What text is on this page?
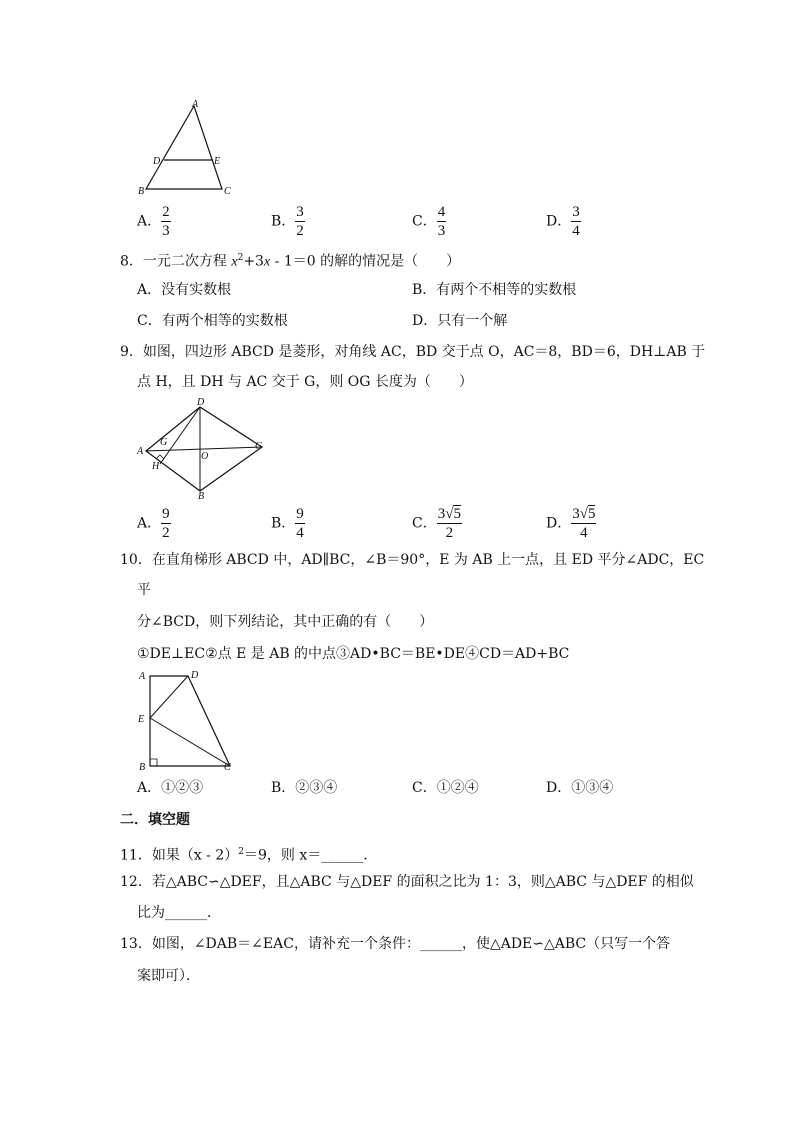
A
D	E
B	C
A． $\frac{2}{3}$	B． $\frac{3}{2}$	C． $\frac{4}{3}$	D． $\frac{3}{4}$
8．一元二次方程 $x^2+3x - 1=0$ 的解的情况是（　　）
A．没有实数根	B．有两个不相等的实数根
C．有两个相等的实数根	D．只有一个解
9．如图，四边形 ABCD 是菱形，对角线 AC，BD 交于点 O，AC＝8，BD＝6，DH⊥AB 于
点 H，且 DH 与 AC 交于 G，则 OG 长度为（　　）
D
A
G
O
C
H
B
A． $\frac{9}{2}$	B． $\frac{9}{4}$	C． $\frac{3√5}{2}$	D． $\frac{3√5}{4}$
10．在直角梯形 ABCD 中，AD∥BC，∠B＝90°，E 为 AB 上一点，且 ED 平分∠ADC，EC
平
分∠BCD，则下列结论，其中正确的有（　　）
①DE⊥EC②点 E 是 AB 的中点③AD•BC＝BE•DE④CD＝AD+BC
A	D
E
B	C
A．①②③	B．②③④	C．①②④	D．①③④
二．填空题
11．如果（x - 2）$^2$＝9，则 x＝______．
12．若△ABC∽△DEF，且△ABC 与△DEF 的面积之比为 1：3，则△ABC 与△DEF 的相似
比为______．
13．如图，∠DAB＝∠EAC，请补充一个条件：______，使△ADE∽△ABC（只写一个答
案即可）．
